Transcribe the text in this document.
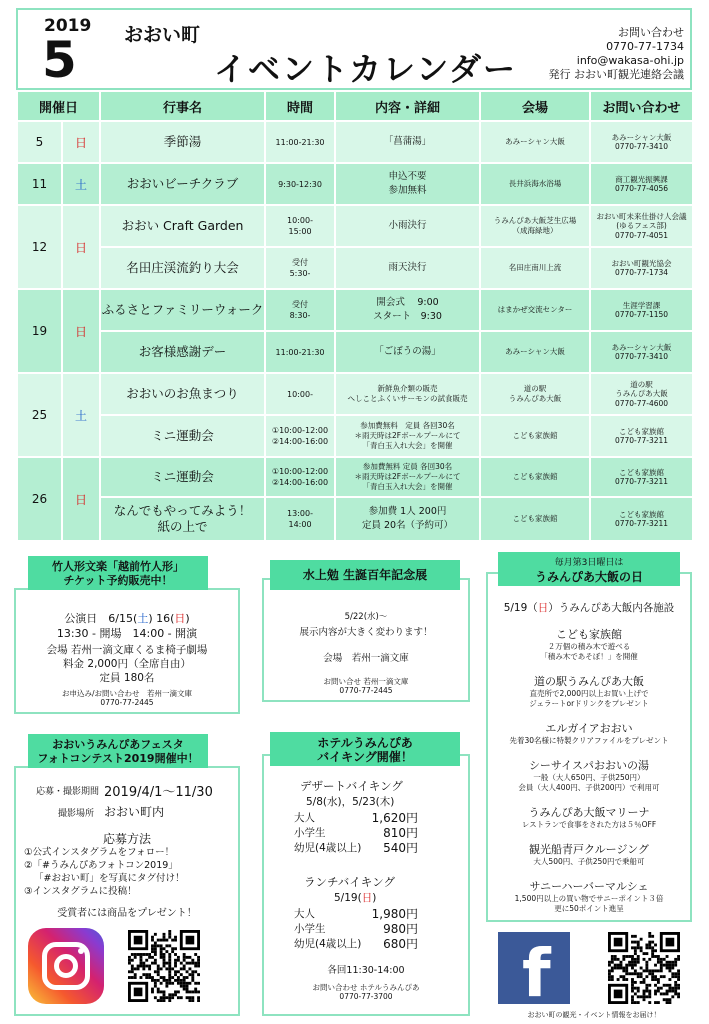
2019
5 おおい町
イベントカレンダー
お問い合わせ
0770-77-1734
info@wakasa-ohi.jp
発行 おおい町観光連絡会議
開催日		行事名	時間	内容・詳細	会場	お問い合わせ
5	日	季節湯	11:00-21:30	「菖蒲湯」	あみーシャン大飯	あみーシャン大飯
0770-77-3410
11	土	おおいビーチクラブ	9:30-12:30	申込不要
参加無料	長井浜海水浴場	商工観光振興課
0770-77-4056
12	日	おおい Craft Garden	10:00-
15:00	小雨決行	うみんぴあ大飯芝生広場
（成海緑地）	おおい町未来仕掛け人会議
(ゆるフェス部)
0770-77-4051
		名田庄渓流釣り大会	受付
5:30-	雨天決行	名田庄南川上流	おおい町観光協会
0770-77-1734
19	日	ふるさとファミリーウォーク	受付
8:30-	開会式　 9:00
スタート　9:30	はまかぜ交流センター	生涯学習課
0770-77-1150
		お客様感謝デー	11:00-21:30	「ごぼうの湯」	あみーシャン大飯	あみーシャン大飯
0770-77-3410
25	土	おおいのお魚まつり	10:00-	新鮮魚介類の販売
へしことふくいサーモンの試食販売	道の駅
うみんぴあ大飯	道の駅
うみんぴあ大飯
0770-77-4600
		ミニ運動会	①10:00-12:00
②14:00-16:00	参加費無料　定員 各回30名
＊雨天時は2Fボールプールにて
「青白玉入れ大会」を開催	こども家族館	こども家族館
0770-77-3211
26	日	ミニ運動会	①10:00-12:00
②14:00-16:00	参加費無料 定員 各回30名
＊雨天時は2Fボールプールにて
「青白玉入れ大会」を開催	こども家族館	こども家族館
0770-77-3211
		なんでもやってみよう！
紙の上で	13:00-
14:00	参加費 1人 200円
定員 20名（予約可）	こども家族館	こども家族館
0770-77-3211
公演日　6/15(土) 16(日)
13:30 - 開場　14:00 - 開演
会場 若州一滴文庫くるま椅子劇場
料金 2,000円（全席自由）
定員 180名
お申込み/お問い合わせ　若州一滴文庫
0770-77-2445
竹人形文楽「越前竹人形」
チケット予約販売中！
5/22(水)～
展示内容が大きく変わります！
会場　若州一滴文庫
お問い合せ 若州一滴文庫
0770-77-2445
水上勉 生誕百年記念展
5/19（日）うみんぴあ大飯内各施設
こども家族館
２万個の積み木で遊べる
「積み木であそぼ！」を開催
道の駅うみんぴあ大飯
直売所で2,000円以上お買い上げで
ジェラートorドリンクをプレゼント
エルガイアおおい
先着30名様に特製クリアファイルをプレゼント
シーサイスパおおいの湯
一般（大人650円、子供250円）
会員（大人400円、子供200円）で利用可
うみんぴあ大飯マリーナ
レストランで食事をされた方は５％OFF
観光船青戸クルージング
大人500円、子供250円で乗船可
サニーハーバーマルシェ
1,500円以上の買い物でサニーポイント３倍
更に50ポイント進呈
毎月第3日曜日は
うみんぴあ大飯の日
応募・撮影期間 2019/4/1～11/30
撮影場所 おおい町内
応募方法
①公式インスタグラムをフォロー！
②「#うみんぴあフォトコン2019」
「#おおい町」を写真にタグ付け！
③インスタグラムに投稿！
受賞者には商品をプレゼント！
おおいうみんぴあフェスタ
フォトコンテスト2019開催中！
デザートバイキング
5/8(水)，5/23(木)
大人	1,620円
小学生	810円
幼児(4歳以上) 540円
ランチバイキング
5/19(日)
大人	1,980円
小学生	980円
幼児(4歳以上) 680円
各回11:30-14:00
お問い合わせ ホテルうみんぴあ
0770-77-3700
ホテルうみんぴあ
バイキング開催！
f
おおい町の観光・イベント情報をお届け！
